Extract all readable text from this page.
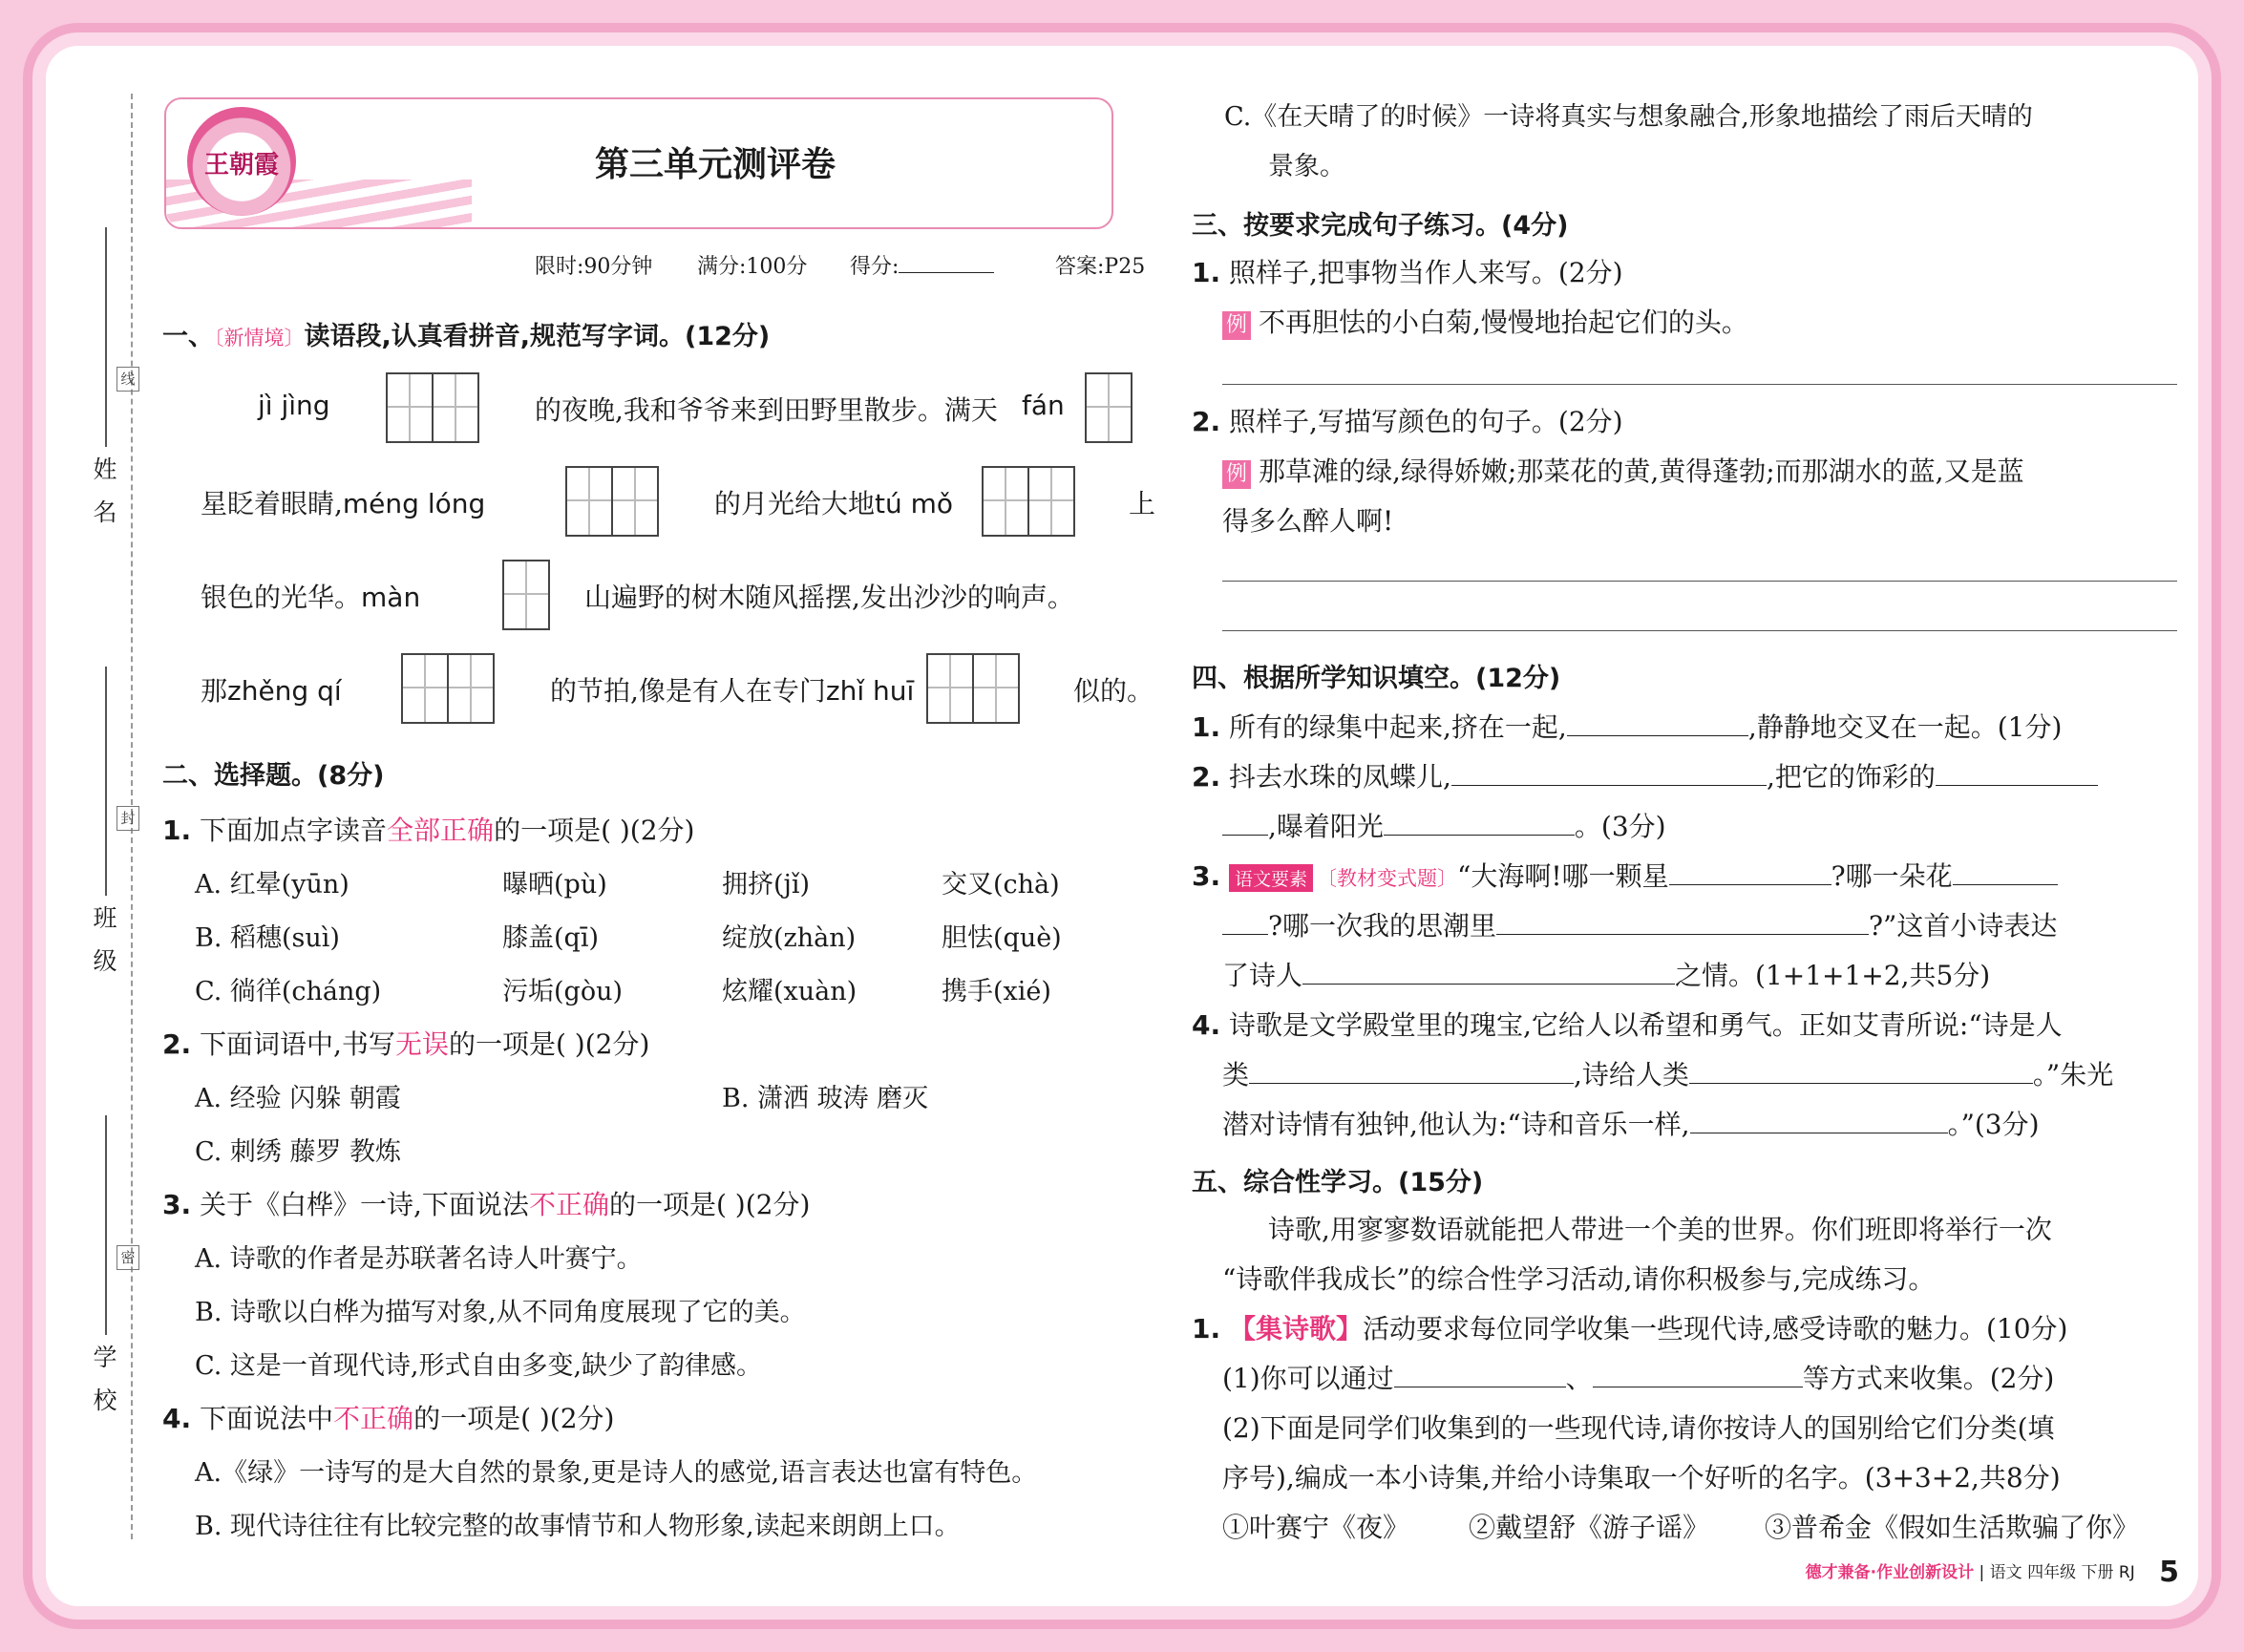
姓 名
班 级
学 校
线
封
密
王朝霞	第三单元测评卷
限时:90分钟 满分:100分 得分:	答案:P25
一、〔新情境〕读语段,认真看拼音,规范写字词。(12分)
jì jìng	的夜晚,我和爷爷来到田野里散步。满天 fán
星眨着眼睛,méng lóng	的月光给大地tú mǒ	上
银色的光华。màn	山遍野的树木随风摇摆,发出沙沙的响声。
那zhěng qí	的节拍,像是有人在专门zhǐ huī	似的。
二、选择题。(8分)
1. 下面加点字读音全部正确的一项是( )(2分)
A. 红晕(yūn)	曝晒(pù)	拥挤(jǐ)	交叉(chà)
B. 稻穗(suì)	膝盖(qī)	绽放(zhàn)	胆怯(què)
C. 徜徉(cháng)	污垢(gòu)	炫耀(xuàn)	携手(xié)
2. 下面词语中,书写无误的一项是( )(2分)
A. 经验 闪躲 朝霞	B. 潇洒 玻涛 磨灭
C. 刺绣 藤罗 教炼
3. 关于《白桦》一诗,下面说法不正确的一项是( )(2分)
A. 诗歌的作者是苏联著名诗人叶赛宁。
B. 诗歌以白桦为描写对象,从不同角度展现了它的美。
C. 这是一首现代诗,形式自由多变,缺少了韵律感。
4. 下面说法中不正确的一项是( )(2分)
A.《绿》一诗写的是大自然的景象,更是诗人的感觉,语言表达也富有特色。
B. 现代诗往往有比较完整的故事情节和人物形象,读起来朗朗上口。
C.《在天晴了的时候》一诗将真实与想象融合,形象地描绘了雨后天晴的
景象。
三、按要求完成句子练习。(4分)
1. 照样子,把事物当作人来写。(2分)
例 不再胆怯的小白菊,慢慢地抬起它们的头。
2. 照样子,写描写颜色的句子。(2分)
例 那草滩的绿,绿得娇嫩;那菜花的黄,黄得蓬勃;而那湖水的蓝,又是蓝
得多么醉人啊!
四、根据所学知识填空。(12分)
1. 所有的绿集中起来,挤在一起,	,静静地交叉在一起。(1分)
2. 抖去水珠的凤蝶儿,	,把它的饰彩的
,曝着阳光	。(3分)
3. 语文要素 〔教材变式题〕“大海啊!哪一颗星	?哪一朵花
?哪一次我的思潮里	?”这首小诗表达
了诗人	之情。(1+1+1+2,共5分)
4. 诗歌是文学殿堂里的瑰宝,它给人以希望和勇气。正如艾青所说:“诗是人
类	,诗给人类	。”朱光
潜对诗情有独钟,他认为:“诗和音乐一样,	。”(3分)
五、综合性学习。(15分)
诗歌,用寥寥数语就能把人带进一个美的世界。你们班即将举行一次
“诗歌伴我成长”的综合性学习活动,请你积极参与,完成练习。
1. 【集诗歌】活动要求每位同学收集一些现代诗,感受诗歌的魅力。(10分)
(1)你可以通过	、	等方式来收集。(2分)
(2)下面是同学们收集到的一些现代诗,请你按诗人的国别给它们分类(填
序号),编成一本小诗集,并给小诗集取一个好听的名字。(3+3+2,共8分)
①叶赛宁《夜》 ②戴望舒《游子谣》 ③普希金《假如生活欺骗了你》
德才兼备·作业创新设计 | 语文 四年级 下册 RJ 5
